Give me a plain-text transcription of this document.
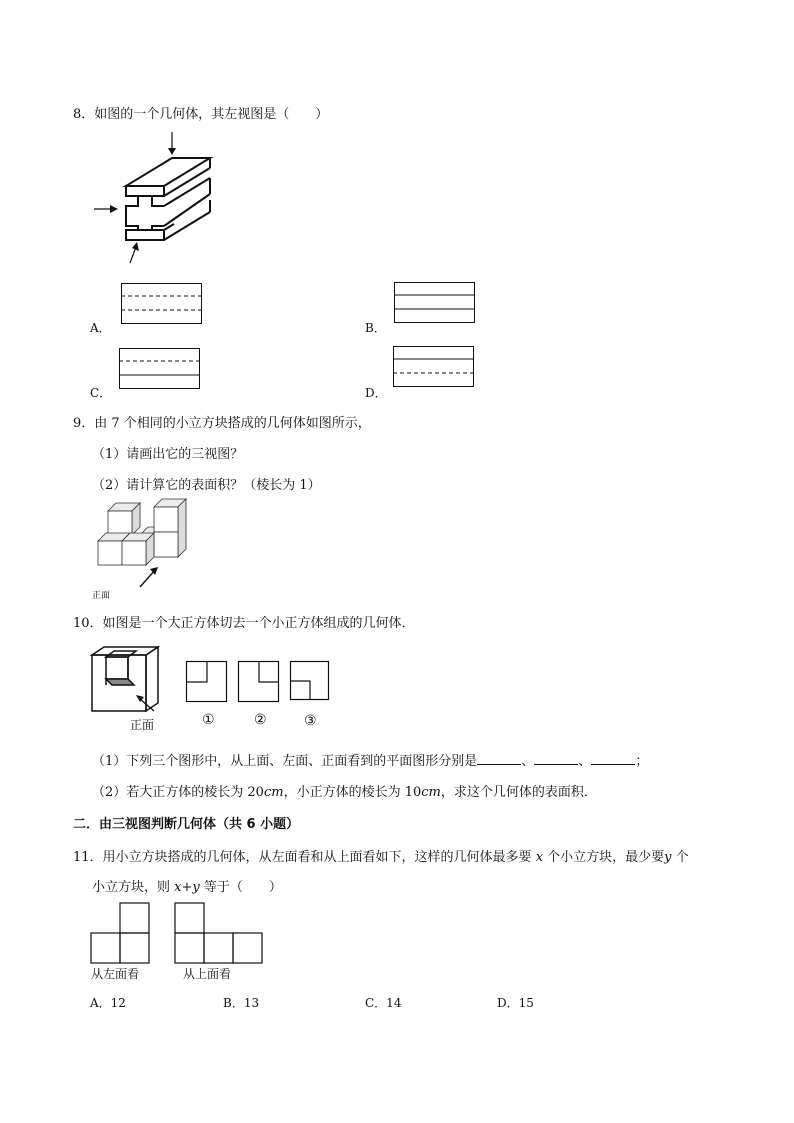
8．如图的一个几何体，其左视图是（　　）
A．	B．
C．	D．
9．由 7 个相同的小立方块搭成的几何体如图所示，
（1）请画出它的三视图？
（2）请计算它的表面积？（棱长为 1）
正面
10．如图是一个大正方体切去一个小正方体组成的几何体．
正面	①	②	③
（1）下列三个图形中，从上面、左面、正面看到的平面图形分别是	、	、	；
（2）若大正方体的棱长为 20cm，小正方体的棱长为 10cm，求这个几何体的表面积．
二．由三视图判断几何体（共 6 小题）
11．用小立方块搭成的几何体，从左面看和从上面看如下，这样的几何体最多要 x 个小立方块，最少要y 个
小立方块，则 x+y 等于（　　）
从左面看	从上面看
A．12	B．13	C．14	D．15
